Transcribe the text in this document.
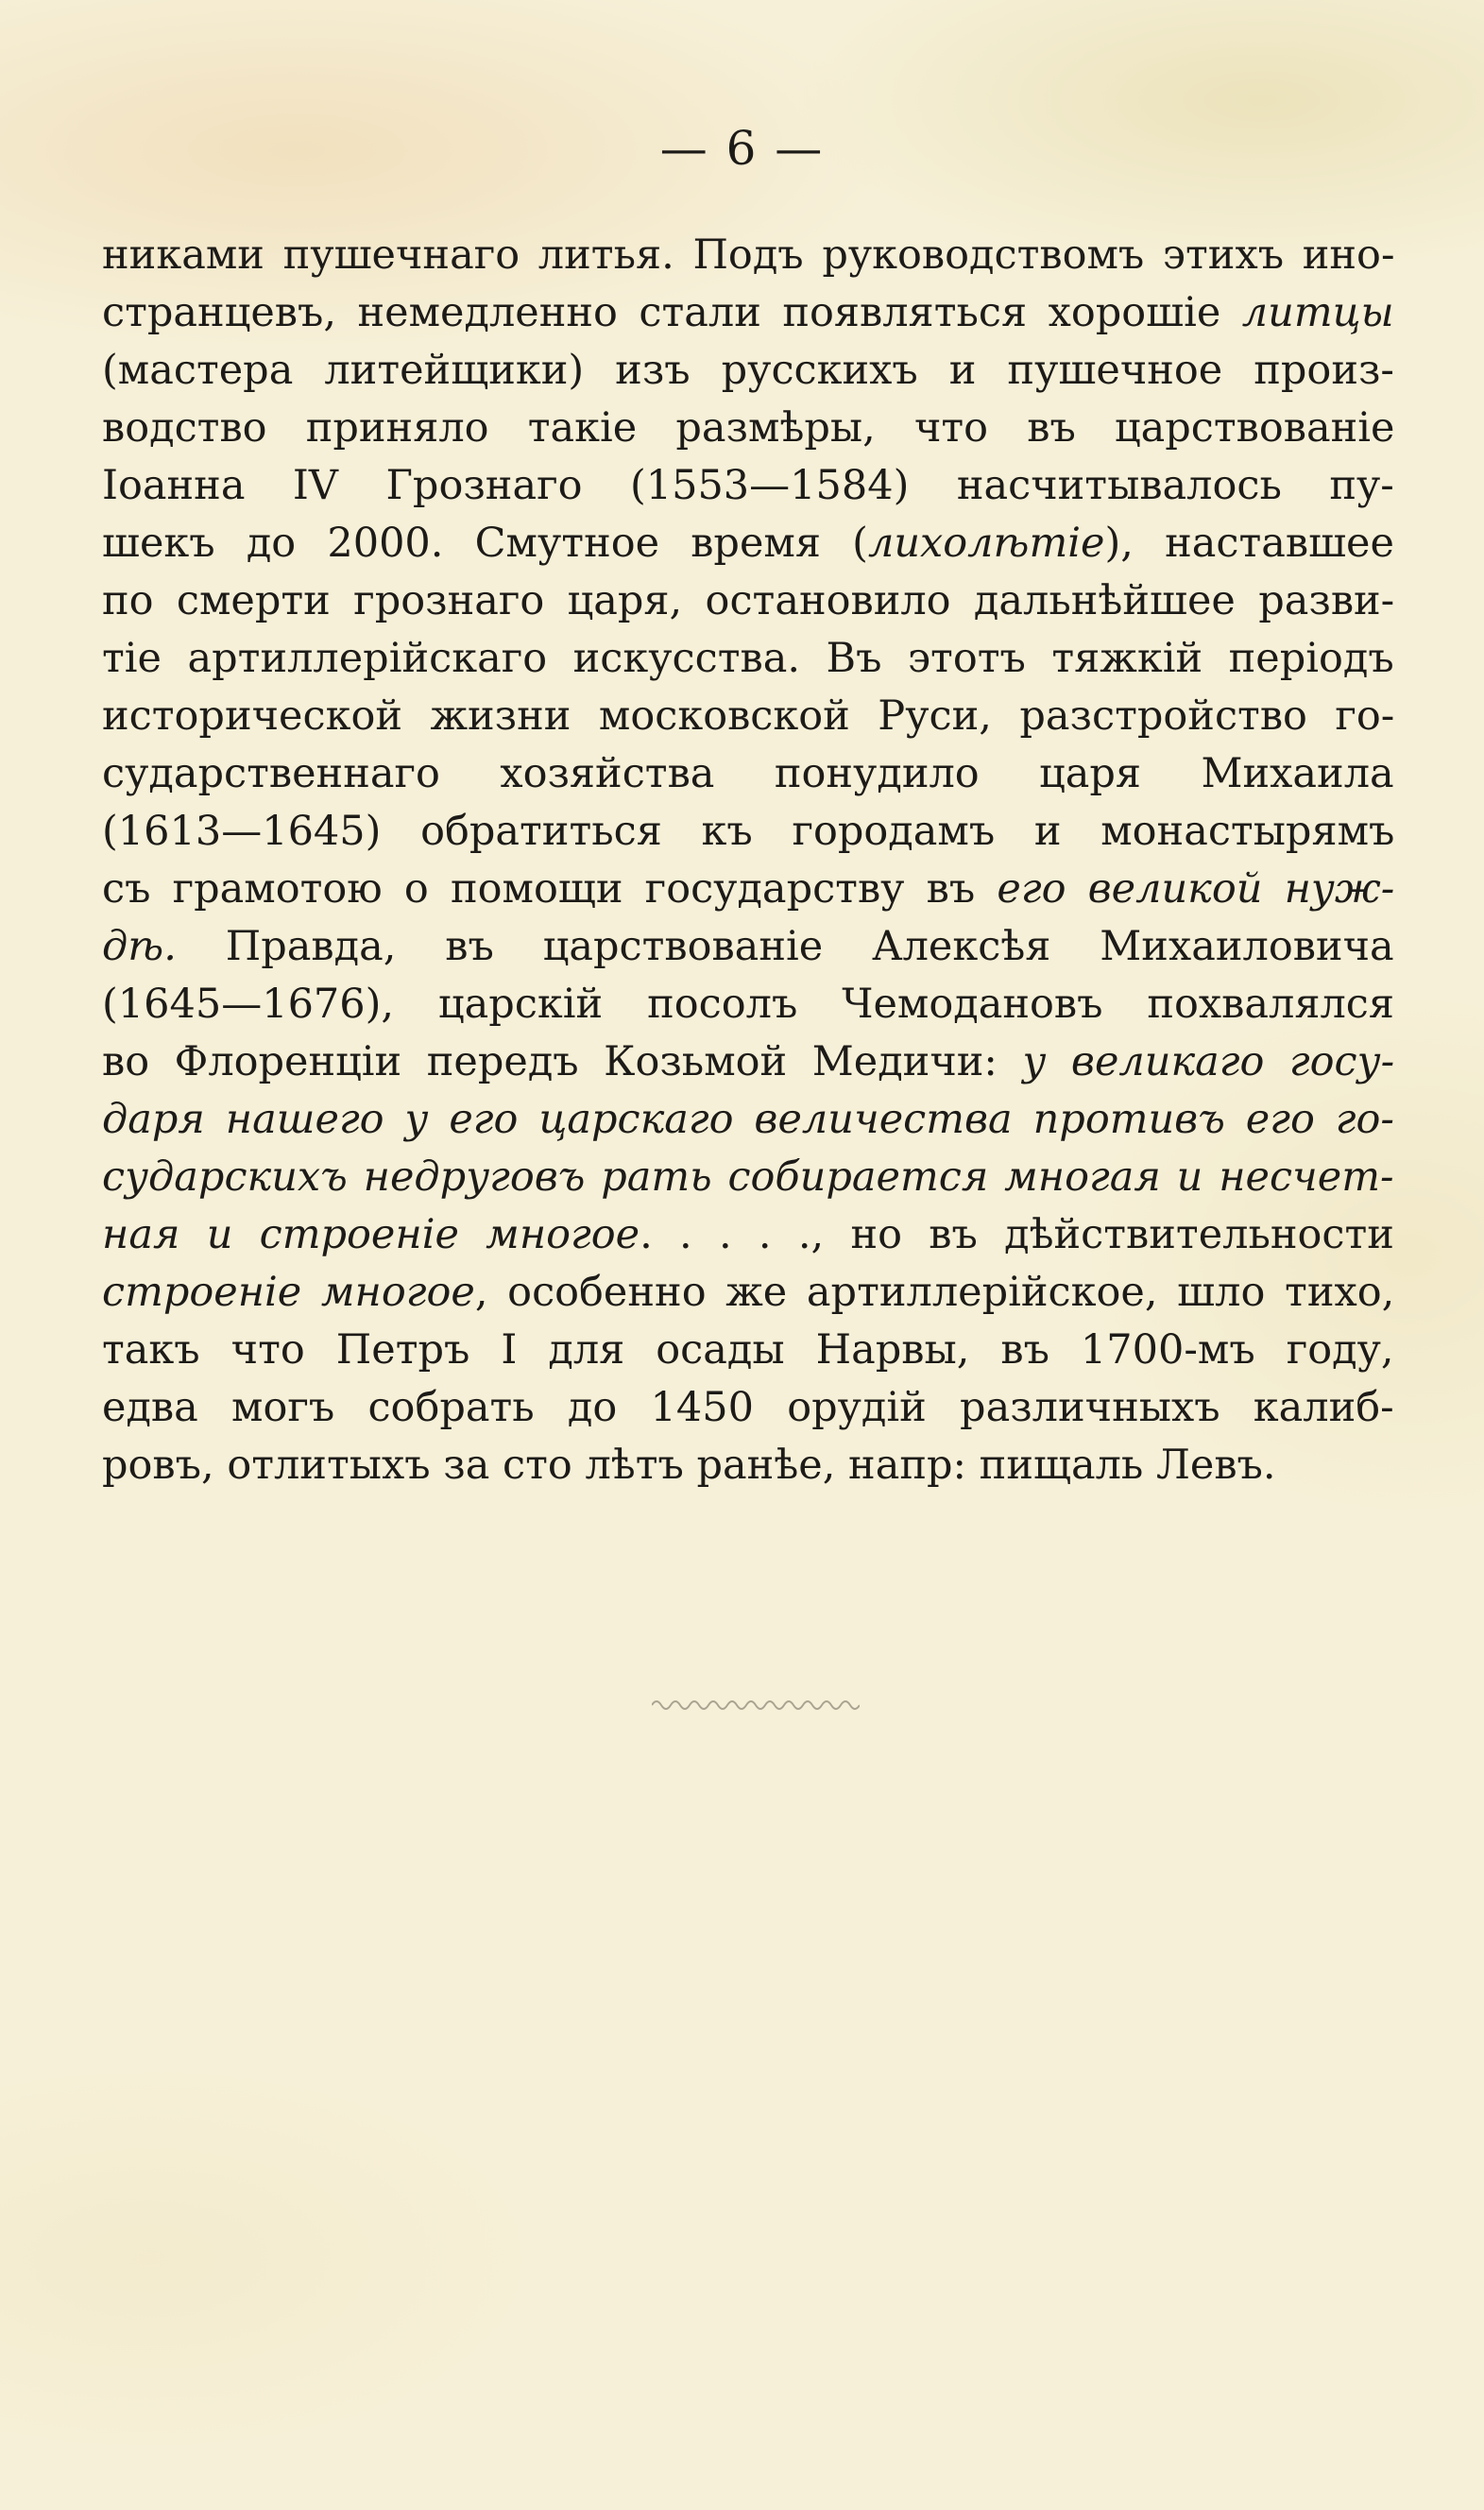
— 6 —
никами пушечнаго литья. Подъ руководствомъ этихъ ино-
странцевъ, немедленно стали появляться хорошіе литцы
(мастера литейщики) изъ русскихъ и пушечное произ-
водство приняло такіе размѣры, что въ царствованіе
Іоанна IV Грознаго (1553—1584) насчитывалось пу-
шекъ до 2000. Смутное время (лихолѣтіе), наставшее
по смерти грознаго царя, остановило дальнѣйшее разви-
тіе артиллерійскаго искусства. Въ этотъ тяжкій періодъ
исторической жизни московской Руси, разстройство го-
сударственнаго хозяйства понудило царя Михаила
(1613—1645) обратиться къ городамъ и монастырямъ
съ грамотою о помощи государству въ его великой нуж-
дѣ. Правда, въ царствованіе Алексѣя Михаиловича
(1645—1676), царскій посолъ Чемодановъ похвалялся
во Флоренціи передъ Козьмой Медичи: у великаго госу-
даря нашего у его царскаго величества противъ его го-
сударскихъ недруговъ рать собирается многая и несчет-
ная и строеніе многое. . . . ., но въ дѣйствительности
строеніе многое, особенно же артиллерійское, шло тихо,
такъ что Петръ I для осады Нарвы, въ 1700-мъ году,
едва могъ собрать до 1450 орудій различныхъ калиб-
ровъ, отлитыхъ за сто лѣтъ ранѣе, напр: пищаль Левъ.
